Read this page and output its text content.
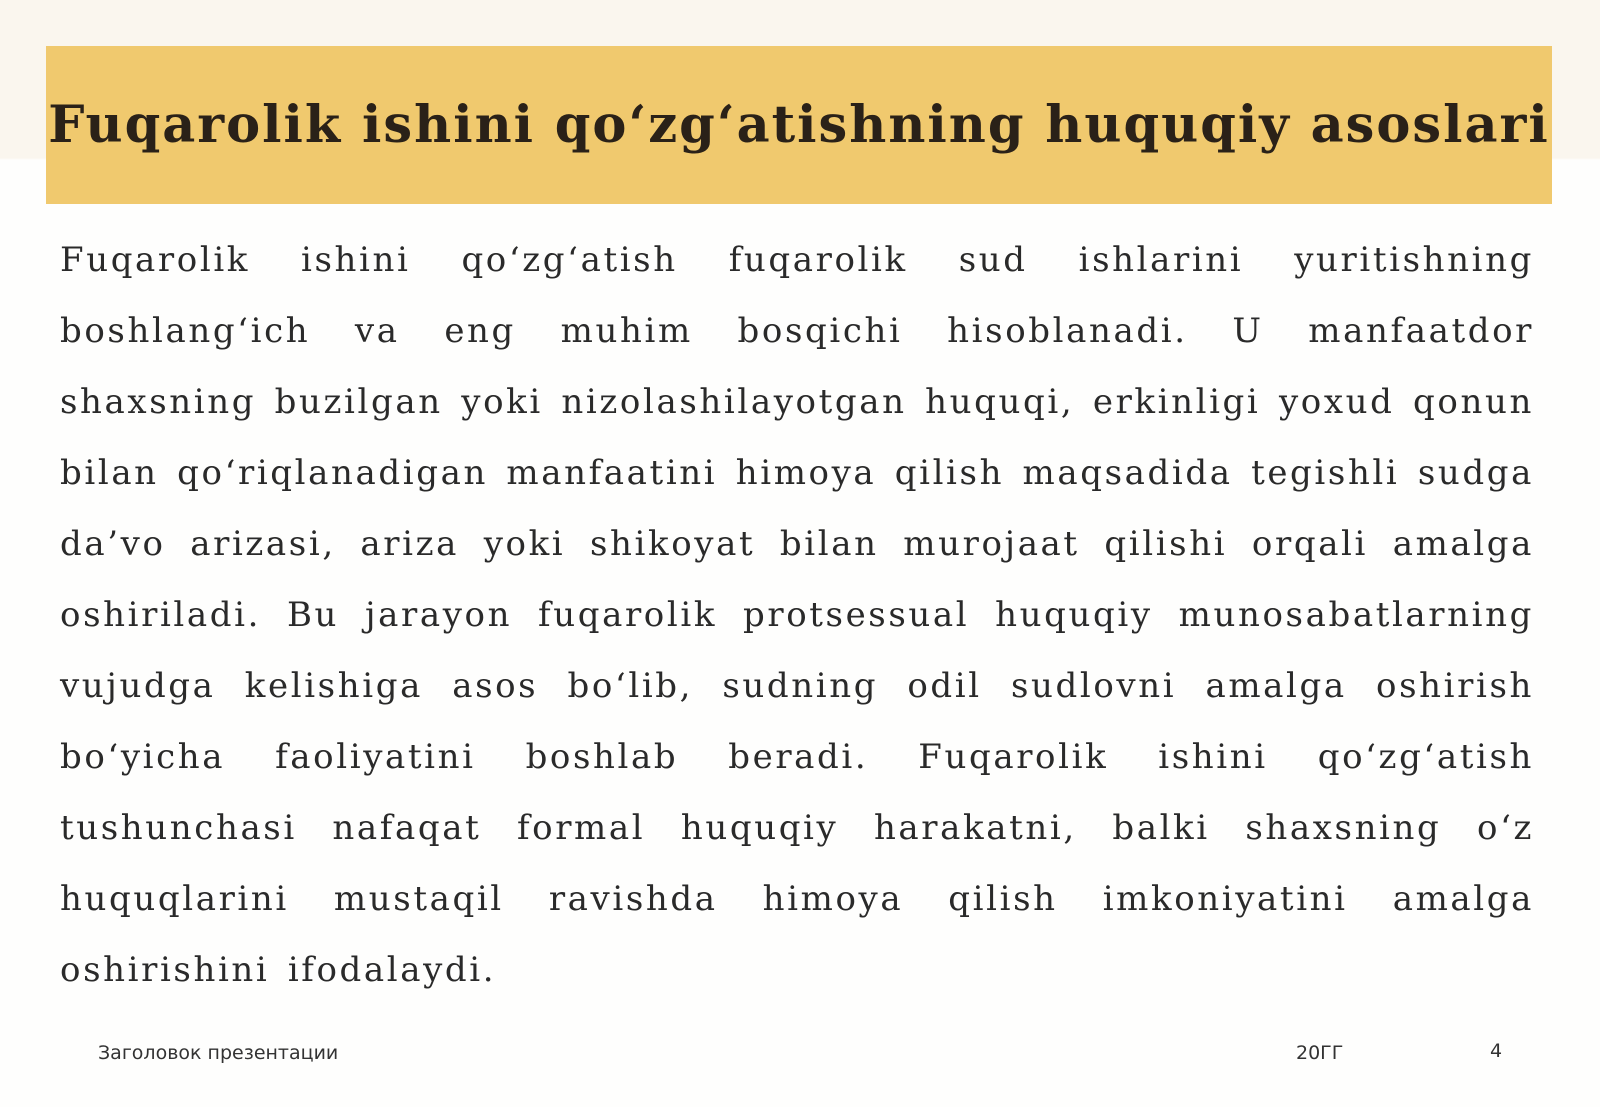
Fuqarolik ishini qo‘zg‘atishning huquqiy asoslari

Fuqarolik ishini qo‘zg‘atish fuqarolik sud ishlarini yuritishning boshlang‘ich va eng muhim bosqichi hisoblanadi. U manfaatdor shaxsning buzilgan yoki nizolashilayotgan huquqi, erkinligi yoxud qonun bilan qo‘riqlanadigan manfaatini himoya qilish maqsadida tegishli sudga da’vo arizasi, ariza yoki shikoyat bilan murojaat qilishi orqali amalga oshiriladi. Bu jarayon fuqarolik protsessual huquqiy munosabatlarning vujudga kelishiga asos bo‘lib, sudning odil sudlovni amalga oshirish bo‘yicha faoliyatini boshlab beradi. Fuqarolik ishini qo‘zg‘atish tushunchasi nafaqat formal huquqiy harakatni, balki shaxsning o‘z huquqlarini mustaqil ravishda himoya qilish imkoniyatini amalga oshirishini ifodalaydi.

Заголовок презентации	20ГГ	4
